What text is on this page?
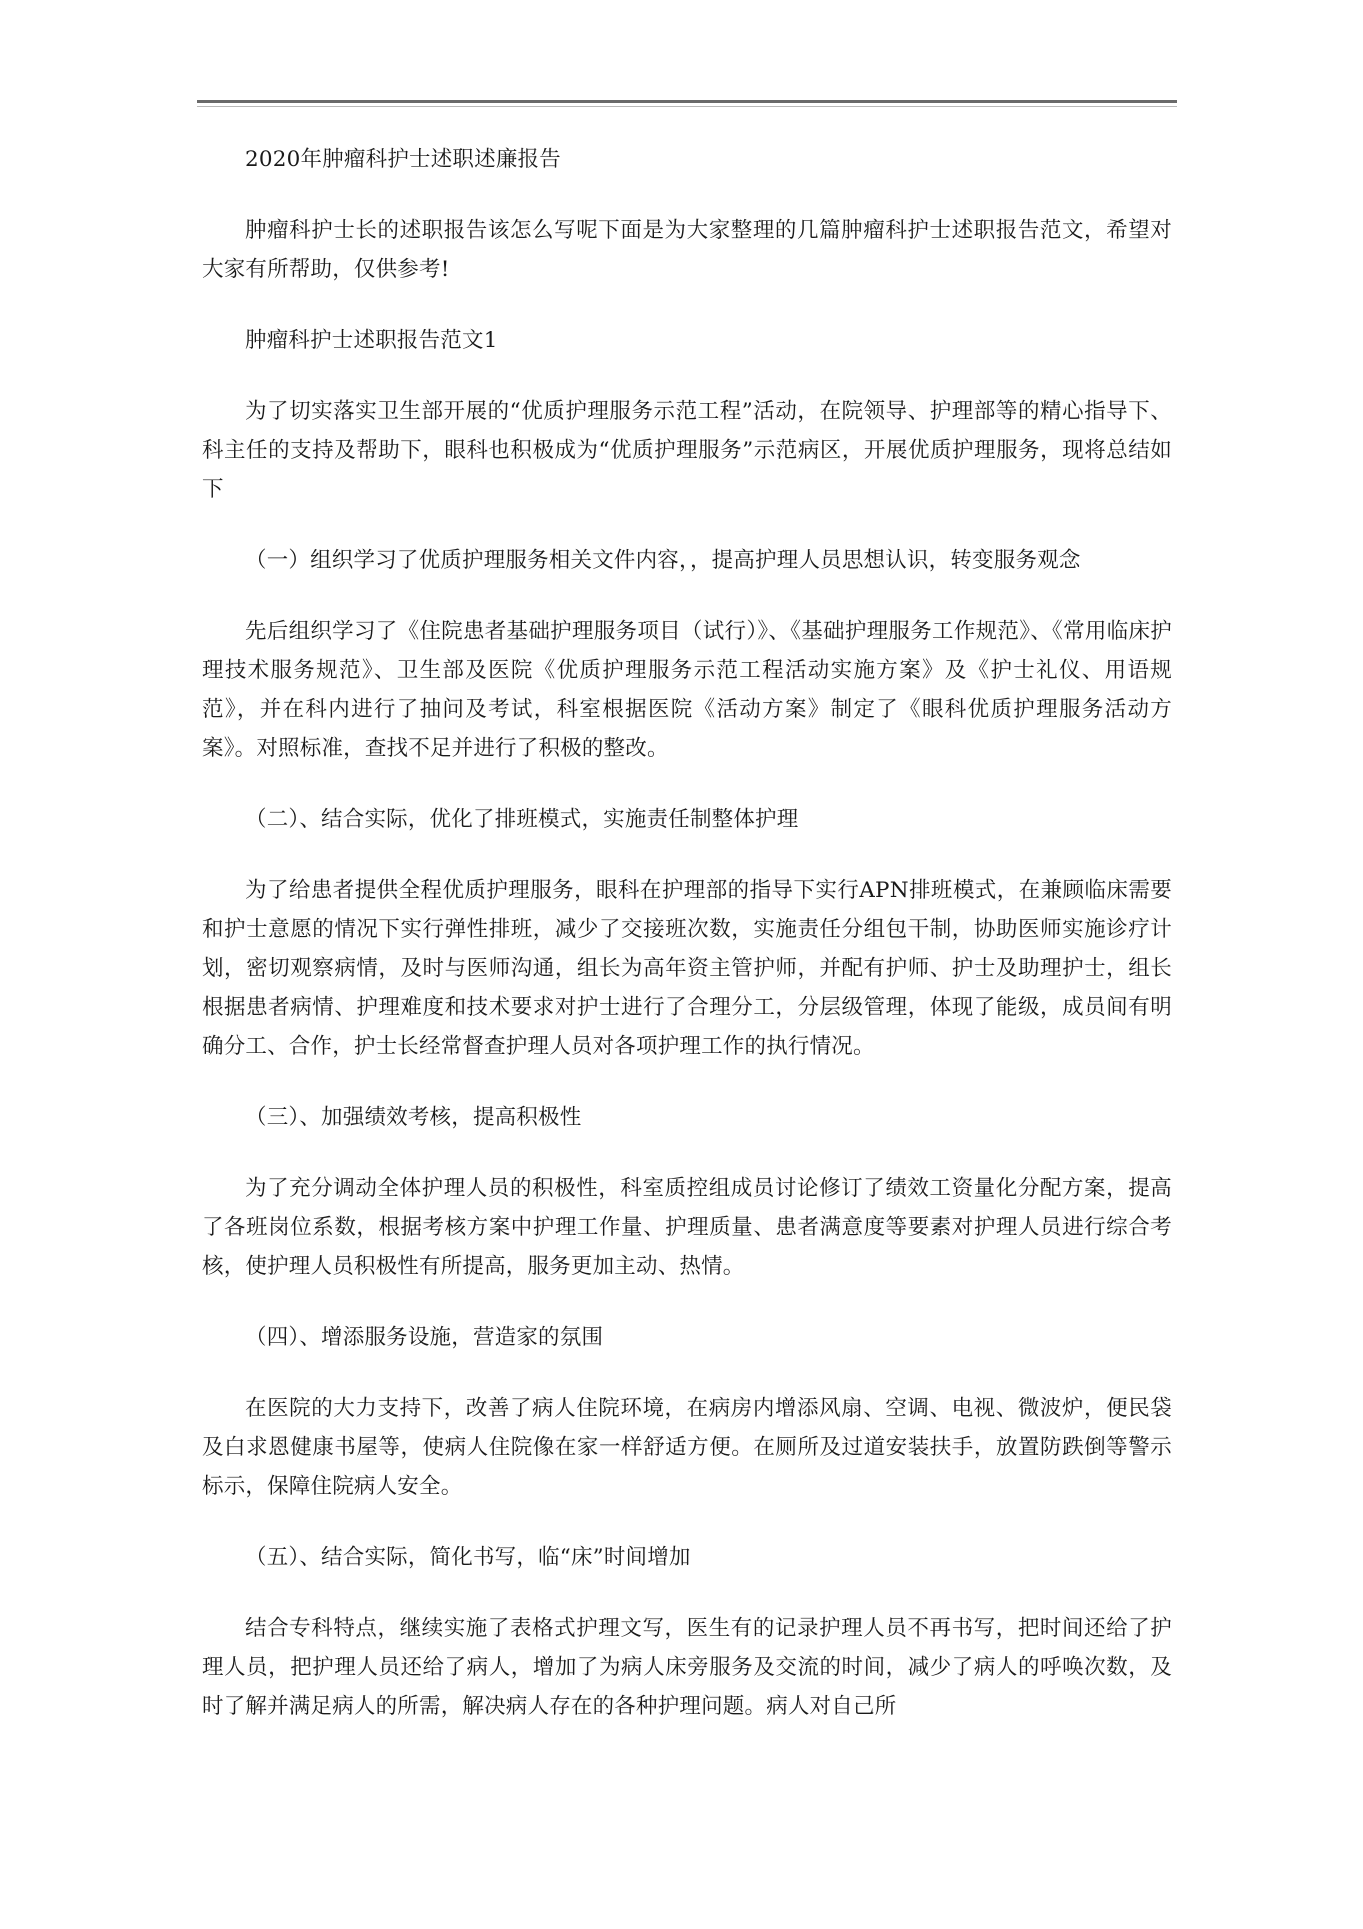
2020年肿瘤科护士述职述廉报告

肿瘤科护士长的述职报告该怎么写呢下面是为大家整理的几篇肿瘤科护士述职报告范文，希望对大家有所帮助，仅供参考!

肿瘤科护士述职报告范文1

为了切实落实卫生部开展的“优质护理服务示范工程”活动，在院领导、护理部等的精心指导下、科主任的支持及帮助下，眼科也积极成为“优质护理服务”示范病区，开展优质护理服务，现将总结如下

（一）组织学习了优质护理服务相关文件内容，，提高护理人员思想认识，转变服务观念

先后组织学习了《住院患者基础护理服务项目（试行）》、《基础护理服务工作规范》、《常用临床护理技术服务规范》、卫生部及医院《优质护理服务示范工程活动实施方案》及《护士礼仪、用语规范》，并在科内进行了抽问及考试，科室根据医院《活动方案》制定了《眼科优质护理服务活动方案》。对照标准，查找不足并进行了积极的整改。

（二）、结合实际，优化了排班模式，实施责任制整体护理

为了给患者提供全程优质护理服务，眼科在护理部的指导下实行APN排班模式，在兼顾临床需要和护士意愿的情况下实行弹性排班，减少了交接班次数，实施责任分组包干制，协助医师实施诊疗计划，密切观察病情，及时与医师沟通，组长为高年资主管护师，并配有护师、护士及助理护士，组长根据患者病情、护理难度和技术要求对护士进行了合理分工，分层级管理，体现了能级，成员间有明确分工、合作，护士长经常督查护理人员对各项护理工作的执行情况。

（三）、加强绩效考核，提高积极性

为了充分调动全体护理人员的积极性，科室质控组成员讨论修订了绩效工资量化分配方案，提高了各班岗位系数，根据考核方案中护理工作量、护理质量、患者满意度等要素对护理人员进行综合考核，使护理人员积极性有所提高，服务更加主动、热情。

（四）、增添服务设施，营造家的氛围

在医院的大力支持下，改善了病人住院环境，在病房内增添风扇、空调、电视、微波炉，便民袋及白求恩健康书屋等，使病人住院像在家一样舒适方便。在厕所及过道安装扶手，放置防跌倒等警示标示，保障住院病人安全。

（五）、结合实际，简化书写，临“床”时间增加

结合专科特点，继续实施了表格式护理文写，医生有的记录护理人员不再书写，把时间还给了护理人员，把护理人员还给了病人，增加了为病人床旁服务及交流的时间，减少了病人的呼唤次数，及时了解并满足病人的所需，解决病人存在的各种护理问题。病人对自己所
